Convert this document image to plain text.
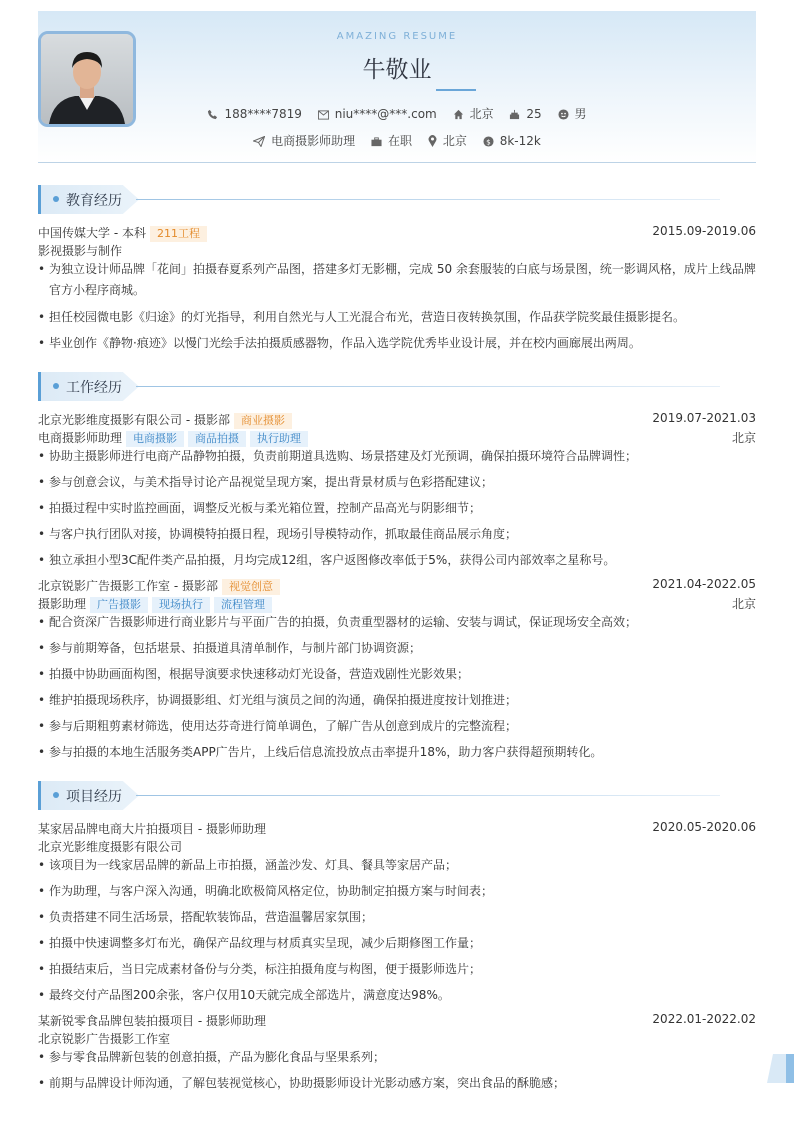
AMAZING RESUME
牛敬业
188****7819	niu****@***.com	北京	25	男
电商摄影师助理	在职	北京 $ 8k-12k
教育经历
中国传媒大学 - 本科 211工程	2015.09-2019.06
影视摄影与制作
• 为独立设计师品牌「花间」拍摄春夏系列产品图，搭建多灯无影棚，完成 50 余套服装的白底与场景图，统一影调风格，成片上线品牌官方小程序商城。
• 担任校园微电影《归途》的灯光指导，利用自然光与人工光混合布光，营造日夜转换氛围，作品获学院奖最佳摄影提名。
• 毕业创作《静物·痕迹》以慢门光绘手法拍摄质感器物，作品入选学院优秀毕业设计展，并在校内画廊展出两周。
工作经历
北京光影维度摄影有限公司 - 摄影部 商业摄影	2019.07-2021.03
电商摄影师助理 电商摄影 商品拍摄 执行助理	北京
• 协助主摄影师进行电商产品静物拍摄，负责前期道具选购、场景搭建及灯光预调，确保拍摄环境符合品牌调性；
• 参与创意会议，与美术指导讨论产品视觉呈现方案，提出背景材质与色彩搭配建议；
• 拍摄过程中实时监控画面，调整反光板与柔光箱位置，控制产品高光与阴影细节；
• 与客户执行团队对接，协调模特拍摄日程，现场引导模特动作，抓取最佳商品展示角度；
• 独立承担小型3C配件类产品拍摄，月均完成12组，客户返图修改率低于5%，获得公司内部效率之星称号。
北京锐影广告摄影工作室 - 摄影部 视觉创意	2021.04-2022.05
摄影助理 广告摄影 现场执行 流程管理	北京
• 配合资深广告摄影师进行商业影片与平面广告的拍摄，负责重型器材的运输、安装与调试，保证现场安全高效；
• 参与前期筹备，包括堪景、拍摄道具清单制作，与制片部门协调资源；
• 拍摄中协助画面构图，根据导演要求快速移动灯光设备，营造戏剧性光影效果；
• 维护拍摄现场秩序，协调摄影组、灯光组与演员之间的沟通，确保拍摄进度按计划推进；
• 参与后期粗剪素材筛选，使用达芬奇进行简单调色，了解广告从创意到成片的完整流程；
• 参与拍摄的本地生活服务类APP广告片，上线后信息流投放点击率提升18%，助力客户获得超预期转化。
项目经历
某家居品牌电商大片拍摄项目 - 摄影师助理	2020.05-2020.06
北京光影维度摄影有限公司
• 该项目为一线家居品牌的新品上市拍摄，涵盖沙发、灯具、餐具等家居产品；
• 作为助理，与客户深入沟通，明确北欧极简风格定位，协助制定拍摄方案与时间表；
• 负责搭建不同生活场景，搭配软装饰品，营造温馨居家氛围；
• 拍摄中快速调整多灯布光，确保产品纹理与材质真实呈现，减少后期修图工作量；
• 拍摄结束后，当日完成素材备份与分类，标注拍摄角度与构图，便于摄影师选片；
• 最终交付产品图200余张，客户仅用10天就完成全部选片，满意度达98%。
某新锐零食品牌包装拍摄项目 - 摄影师助理	2022.01-2022.02
北京锐影广告摄影工作室
• 参与零食品牌新包装的创意拍摄，产品为膨化食品与坚果系列；
• 前期与品牌设计师沟通，了解包装视觉核心，协助摄影师设计光影动感方案，突出食品的酥脆感；
